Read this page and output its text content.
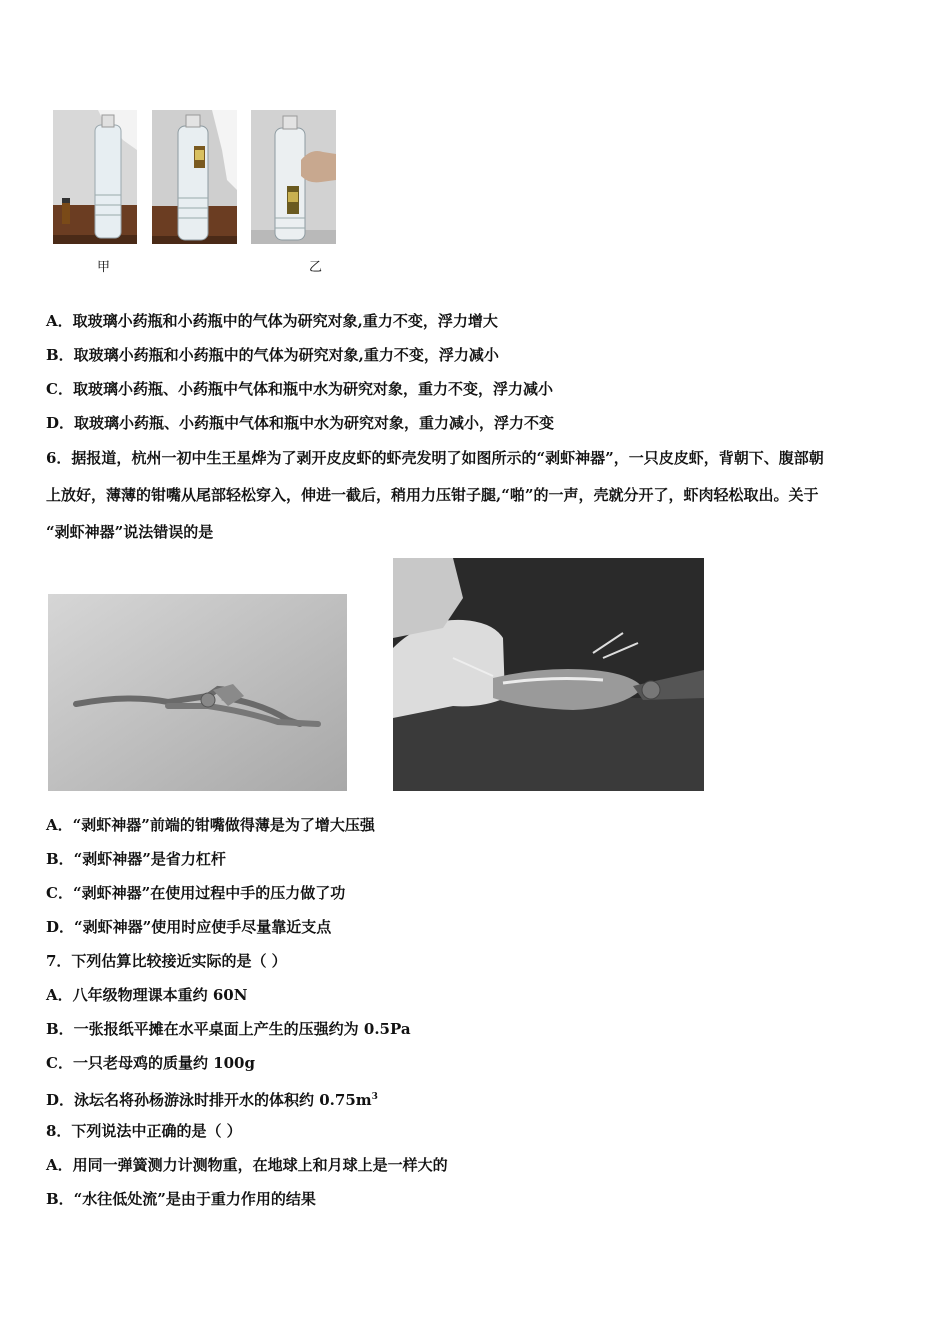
甲	乙
A．取玻璃小药瓶和小药瓶中的气体为研究对象,重力不变，浮力增大
B．取玻璃小药瓶和小药瓶中的气体为研究对象,重力不变，浮力减小
C．取玻璃小药瓶、小药瓶中气体和瓶中水为研究对象，重力不变，浮力减小
D．取玻璃小药瓶、小药瓶中气体和瓶中水为研究对象，重力减小，浮力不变
6．据报道，杭州一初中生王星烨为了剥开皮皮虾的虾壳发明了如图所示的“剥虾神器”，一只皮皮虾，背朝下、腹部朝
上放好，薄薄的钳嘴从尾部轻松穿入，伸进一截后，稍用力压钳子腿,“啪”的一声，壳就分开了，虾肉轻松取出。关于
“剥虾神器”说法错误的是
A．“剥虾神器”前端的钳嘴做得薄是为了增大压强
B．“剥虾神器”是省力杠杆
C．“剥虾神器”在使用过程中手的压力做了功
D．“剥虾神器”使用时应使手尽量靠近支点
7．下列估算比较接近实际的是（ ）
A．八年级物理课本重约 60N
B．一张报纸平摊在水平桌面上产生的压强约为 0.5Pa
C．一只老母鸡的质量约 100g
D．泳坛名将孙杨游泳时排开水的体积约 $0.75m^3$
8．下列说法中正确的是（ ）
A．用同一弹簧测力计测物重，在地球上和月球上是一样大的
B．“水往低处流”是由于重力作用的结果
